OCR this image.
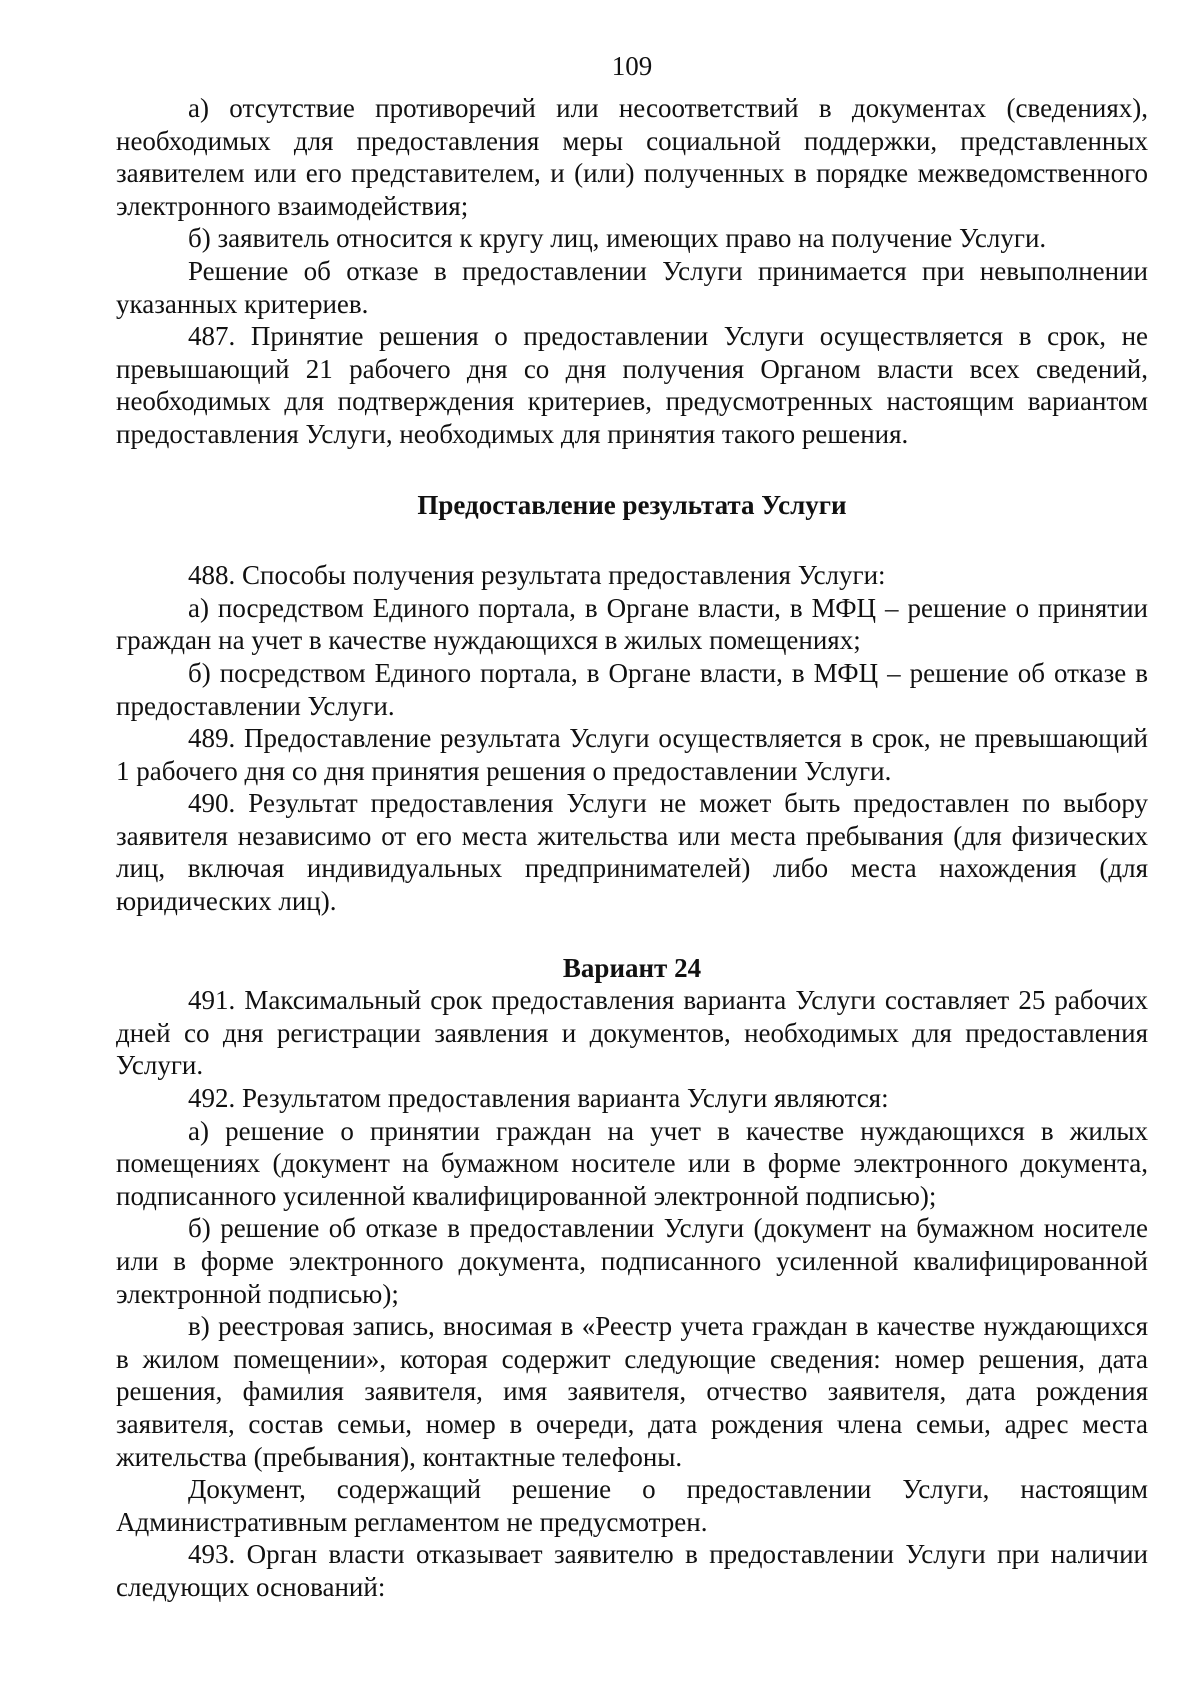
109

а) отсутствие противоречий или несоответствий в документах (сведениях), необходимых для предоставления меры социальной поддержки, представленных заявителем или его представителем, и (или) полученных в порядке межведомственного электронного взаимодействия;

б) заявитель относится к кругу лиц, имеющих право на получение Услуги.

Решение об отказе в предоставлении Услуги принимается при невыполнении указанных критериев.

487. Принятие решения о предоставлении Услуги осуществляется в срок, не превышающий 21 рабочего дня со дня получения Органом власти всех сведений, необходимых для подтверждения критериев, предусмотренных настоящим вариантом предоставления Услуги, необходимых для принятия такого решения.

Предоставление результата Услуги

488. Способы получения результата предоставления Услуги:

а) посредством Единого портала, в Органе власти, в МФЦ – решение о принятии граждан на учет в качестве нуждающихся в жилых помещениях;

б) посредством Единого портала, в Органе власти, в МФЦ – решение об отказе в предоставлении Услуги.

489. Предоставление результата Услуги осуществляется в срок, не превышающий 1 рабочего дня со дня принятия решения о предоставлении Услуги.

490. Результат предоставления Услуги не может быть предоставлен по выбору заявителя независимо от его места жительства или места пребывания (для физических лиц, включая индивидуальных предпринимателей) либо места нахождения (для юридических лиц).

Вариант 24

491. Максимальный срок предоставления варианта Услуги составляет 25 рабочих дней со дня регистрации заявления и документов, необходимых для предоставления Услуги.

492. Результатом предоставления варианта Услуги являются:

а) решение о принятии граждан на учет в качестве нуждающихся в жилых помещениях (документ на бумажном носителе или в форме электронного документа, подписанного усиленной квалифицированной электронной подписью);

б) решение об отказе в предоставлении Услуги (документ на бумажном носителе или в форме электронного документа, подписанного усиленной квалифицированной электронной подписью);

в) реестровая запись, вносимая в «Реестр учета граждан в качестве нуждающихся в жилом помещении», которая содержит следующие сведения: номер решения, дата решения, фамилия заявителя, имя заявителя, отчество заявителя, дата рождения заявителя, состав семьи, номер в очереди, дата рождения члена семьи, адрес места жительства (пребывания), контактные телефоны.

Документ, содержащий решение о предоставлении Услуги, настоящим Административным регламентом не предусмотрен.

493. Орган власти отказывает заявителю в предоставлении Услуги при наличии следующих оснований:
